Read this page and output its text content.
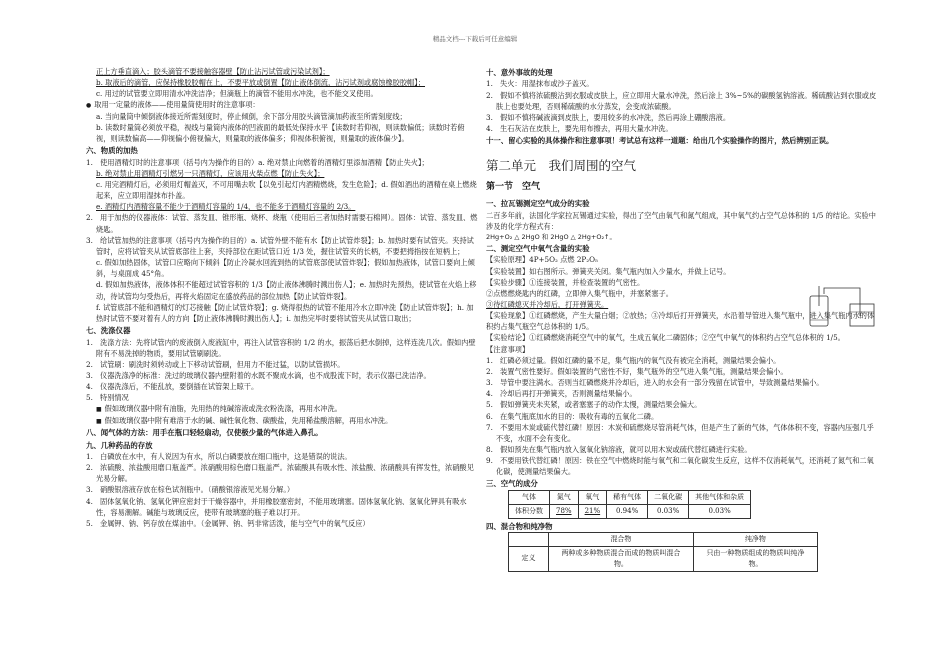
精品文档---下载后可任意编辑

正上方垂直滴入；胶头滴管不要接触容器壁【防止沾污试管或污染试剂】；

b. 取液后的滴管，应保持橡胶胶帽在上，不要平放或倒置【防止液体倒流，沾污试剂或腐蚀橡胶胶帽】；

c. 用过的试管要立即用清水冲洗洁净；但滴瓶上的滴管不能用水冲洗，也不能交叉使用。

● 取用一定量的液体——使用量筒使用时的注意事项：

a. 当向量筒中倾倒液体接近所需刻度时，停止倾倒，余下部分用胶头滴管滴加药液至所需刻度线；

b. 读数时量筒必须放平稳，视线与量筒内液体的凹液面的最低处保持水平【读数时若仰视，则读数偏低；读数时若俯视，则读数偏高——仰视偏小俯视偏大，则量取的液体偏多；仰视体积俯视，则量取的液体偏少】。

六、物质的加热

1.　使用酒精灯时的注意事项（括号内为操作的目的）a. 绝对禁止向燃着的酒精灯里添加酒精【防止失火】；

b. 绝对禁止用酒精灯引燃另一只酒精灯，应该用火柴点燃【防止失火】；

c. 用完酒精灯后，必须用灯帽盖灭，不可用嘴去吹【以免引起灯内酒精燃烧，发生危险】；d. 假如酒出的酒精在桌上燃烧起来，应立即用湿抹布扑盖。

e. 酒精灯内酒精容量不能少于酒精灯容量的 1/4，也不能多于酒精灯容量的 2/3。

2.　用于加热的仪器液体：试管、蒸发皿、锥形瓶、烧杯、烧瓶（使用后三者加热时需要石棉网）。固体：试管、蒸发皿、燃烧匙。

3.　给试管加热的注意事项（括号内为操作的目的）a. 试管外壁不能有水【防止试管炸裂】；b. 加热时要有试管夹。夹持试管时，应将试管夹从试管底部往上套，夹持部位在距试管口近 1/3 处，握住试管夹的长柄，不要把拇指按在短柄上；

c. 假如加热固体，试管口应略向下倾斜【防止冷凝水回流到热的试管底部使试管炸裂】；假如加热液体，试管口要向上倾斜，与桌面成 45°角。

d. 假如加热液体，液体体积不能超过试管容积的 1/3【防止液体沸腾时溅出伤人】；e. 加热时先预热，使试管在火焰上移动，待试管均匀受热后，再将火焰固定在盛放药品的部位加热【防止试管炸裂】。

f. 试管底部不能和酒精灯的灯芯接触【防止试管炸裂】；g. 烧得很热的试管不能用冷水立即冲洗【防止试管炸裂】；h. 加热时试管不要对着有人的方向【防止液体沸腾时溅出伤人】；i. 加热完毕时要将试管夹从试管口取出；

七、洗涤仪器

1.　洗涤方法：先将试管内的废液倒入废液缸中，再注入试管容积的 1/2 的水，振荡后把水倒掉，这样连洗几次。假如内壁附有不易洗掉的物质，要用试管刷刷洗。

2.　试管刷：刷洗时须转动或上下移动试管刷，但用力不能过猛，以防试管损坏。

3.　仪器洗涤净的标准：洗过的玻璃仪器内壁附着的水既不聚成水滴，也不成股流下时，表示仪器已洗洁净。

4.　仪器洗涤后，不能乱放，要倒插在试管架上晾干。

5.　特别情况

■ 假如玻璃仪器中附有油脂，先用热的纯碱溶液或洗衣粉洗涤，再用水冲洗。

■ 假如玻璃仪器中附有难溶于水的碱、碱性氧化物、碳酸盐，先用稀盐酸溶解，再用水冲洗。

八、闻气体的方法：用手在瓶口轻轻扇动，仅使极少量的气体进入鼻孔。

九、几种药品的存放

1.　白磷放在水中，有人说因为有水，所以白磷要放在细口瓶中，这是错误的说法。

2.　浓硫酸、浓盐酸用磨口瓶盖严。浓硝酸用棕色磨口瓶盖严。浓硫酸具有吸水性、浓盐酸、浓硝酸具有挥发性，浓硝酸见光易分解。

3.　硝酸银溶液存放在棕色试剂瓶中。（硝酸银溶液见光易分解。）

4.　固体氢氧化钠、氢氧化钾应密封于干燥容器中，并用橡胶塞密封，不能用玻璃塞。固体氢氧化钠、氢氧化钾具有吸水性，容易潮解。碱能与玻璃反应，使带有玻璃塞的瓶子难以打开。

5.　金属钾、钠、钙存放在煤油中。（金属钾、钠、钙非常活泼，能与空气中的氧气反应）

十、意外事故的处理

1.　失火：用湿抹布或沙子盖灭。

2.　假如不慎将浓硫酸沾到衣服或皮肤上，应立即用大量水冲洗，然后涂上 3%~5%的碳酸氢钠溶液。稀硫酸沾到衣服或皮肤上也要处理，否则稀硫酸的水分蒸发，会变成浓硫酸。

3.　假如不慎将碱液滴到皮肤上，要用较多的水冲洗，然后再涂上硼酸溶液。

4.　生石灰沾在皮肤上，要先用布擦去，再用大量水冲洗。

十一、留心实验的具体操作和注意事项！考试总有这样一道题：给出几个实验操作的图片，然后辨别正误。

第二单元　我们周围的空气

第一节　空气

一、拉瓦锡测定空气成分的实验

二百多年前，法国化学家拉瓦锡通过实验，得出了空气由氧气和氮气组成，其中氧气约占空气总体积的 1/5 的结论。实验中涉及的化学方程式有：

2Hg+O₂ △ 2HgO 和 2HgO △ 2Hg+O₂↑。

二、测定空气中氧气含量的实验

【实验原理】4P+5O₂ 点燃 2P₂O₅

【实验装置】如右图所示。弹簧夹关闭。集气瓶内加入少量水，并做上记号。

【实验步骤】①连接装置，并检查装置的气密性。

②点燃燃烧匙内的红磷，立即伸入集气瓶中，并塞紧塞子。

③待红磷熄灭并冷却后，打开弹簧夹。

【实验现象】①红磷燃烧，产生大量白烟；②放热；③冷却后打开弹簧夹，水沿着导管进入集气瓶中，进入集气瓶内水的体积约占集气瓶空气总体积的 1/5。

【实验结论】①红磷燃烧消耗空气中的氧气，生成五氧化二磷固体；②空气中氧气的体积约占空气总体积的 1/5。

【注意事项】

1.　红磷必须过量。假如红磷的量不足，集气瓶内的氧气没有被完全消耗，测量结果会偏小。

2.　装置气密性要好。假如装置的气密性不好，集气瓶外的空气进入集气瓶，测量结果会偏小。

3.　导管中要注满水。否则当红磷燃烧并冷却后，进入的水会有一部分残留在试管中，导致测量结果偏小。

4.　冷却后再打开弹簧夹，否则测量结果偏小。

5.　假如弹簧夹未夹紧，或者塞塞子的动作太慢，测量结果会偏大。

6.　在集气瓶底加水的目的：吸收有毒的五氧化二磷。

7.　不要用木炭或硫代替红磷！原因：木炭和硫燃烧尽管消耗气体，但是产生了新的气体，气体体积不变，容器内压强几乎不变，水面不会有变化。

8.　假如预先在集气瓶内放入氢氧化钠溶液，就可以用木炭或硫代替红磷进行实验。

9.　不要用铁代替红磷！原因：铁在空气中燃烧时能与氧气和二氧化碳发生反应，这样不仅消耗氧气，还消耗了氮气和二氧化碳，使测量结果偏大。

三、空气的成分

气体	氮气	氧气	稀有气体	二氧化碳	其他气体和杂质
体积分数	78%	21%	0.94%	0.03%	0.03%

四、混合物和纯净物

	混合物	纯净物
定义	两种或多种物质混合而成的物质叫混合物。	只由一种物质组成的物质叫纯净物。
